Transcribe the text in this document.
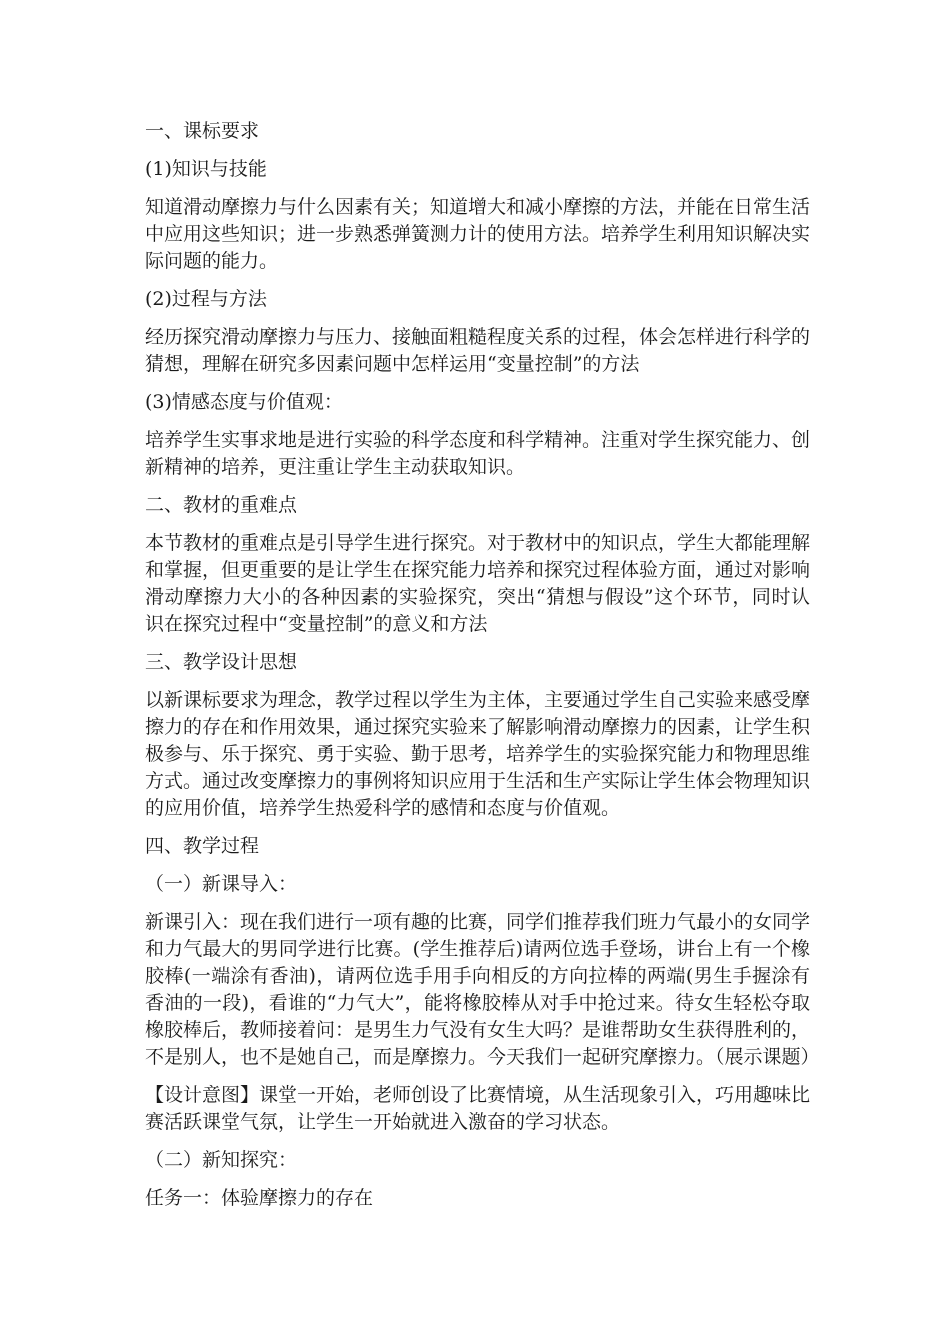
一、课标要求

(1)知识与技能

知道滑动摩擦力与什么因素有关；知道增大和减小摩擦的方法，并能在日常生活中应用这些知识；进一步熟悉弹簧测力计的使用方法。培养学生利用知识解决实际问题的能力。

(2)过程与方法

经历探究滑动摩擦力与压力、接触面粗糙程度关系的过程，体会怎样进行科学的猜想，理解在研究多因素问题中怎样运用“变量控制”的方法

(3)情感态度与价值观：

培养学生实事求地是进行实验的科学态度和科学精神。注重对学生探究能力、创新精神的培养，更注重让学生主动获取知识。

二、教材的重难点

本节教材的重难点是引导学生进行探究。对于教材中的知识点，学生大都能理解和掌握，但更重要的是让学生在探究能力培养和探究过程体验方面，通过对影响滑动摩擦力大小的各种因素的实验探究，突出“猜想与假设”这个环节，同时认识在探究过程中“变量控制”的意义和方法

三、教学设计思想

以新课标要求为理念，教学过程以学生为主体，主要通过学生自己实验来感受摩擦力的存在和作用效果，通过探究实验来了解影响滑动摩擦力的因素，让学生积极参与、乐于探究、勇于实验、勤于思考，培养学生的实验探究能力和物理思维方式。通过改变摩擦力的事例将知识应用于生活和生产实际让学生体会物理知识的应用价值，培养学生热爱科学的感情和态度与价值观。

四、教学过程

（一）新课导入：

新课引入：现在我们进行一项有趣的比赛，同学们推荐我们班力气最小的女同学和力气最大的男同学进行比赛。(学生推荐后)请两位选手登场，讲台上有一个橡胶棒(一端涂有香油)，请两位选手用手向相反的方向拉棒的两端(男生手握涂有香油的一段)，看谁的“力气大”，能将橡胶棒从对手中抢过来。待女生轻松夺取橡胶棒后，教师接着问：是男生力气没有女生大吗？是谁帮助女生获得胜利的，不是别人，也不是她自己，而是摩擦力。今天我们一起研究摩擦力。（展示课题）

【设计意图】课堂一开始，老师创设了比赛情境，从生活现象引入，巧用趣味比赛活跃课堂气氛，让学生一开始就进入激奋的学习状态。

（二）新知探究：

任务一：体验摩擦力的存在
